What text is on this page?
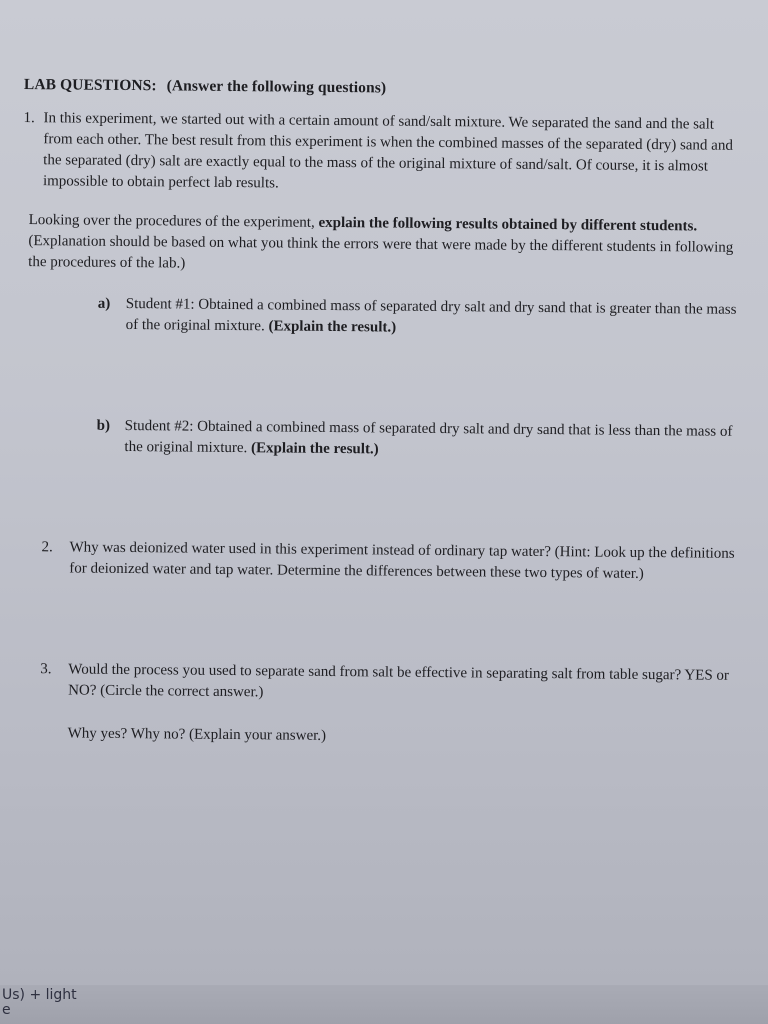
LAB QUESTIONS: (Answer the following questions)
1. In this experiment, we started out with a certain amount of sand/salt mixture. We separated the sand and the salt from each other. The best result from this experiment is when the combined masses of the separated (dry) sand and the separated (dry) salt are exactly equal to the mass of the original mixture of sand/salt. Of course, it is almost impossible to obtain perfect lab results.
Looking over the procedures of the experiment, explain the following results obtained by different students. (Explanation should be based on what you think the errors were that were made by the different students in following the procedures of the lab.)
a) Student #1: Obtained a combined mass of separated dry salt and dry sand that is greater than the mass of the original mixture. (Explain the result.)
b) Student #2: Obtained a combined mass of separated dry salt and dry sand that is less than the mass of the original mixture. (Explain the result.)
2. Why was deionized water used in this experiment instead of ordinary tap water? (Hint: Look up the definitions for deionized water and tap water. Determine the differences between these two types of water.)
3. Would the process you used to separate sand from salt be effective in separating salt from table sugar? YES or NO? (Circle the correct answer.)
Why yes? Why no? (Explain your answer.)
Us) + light
e
